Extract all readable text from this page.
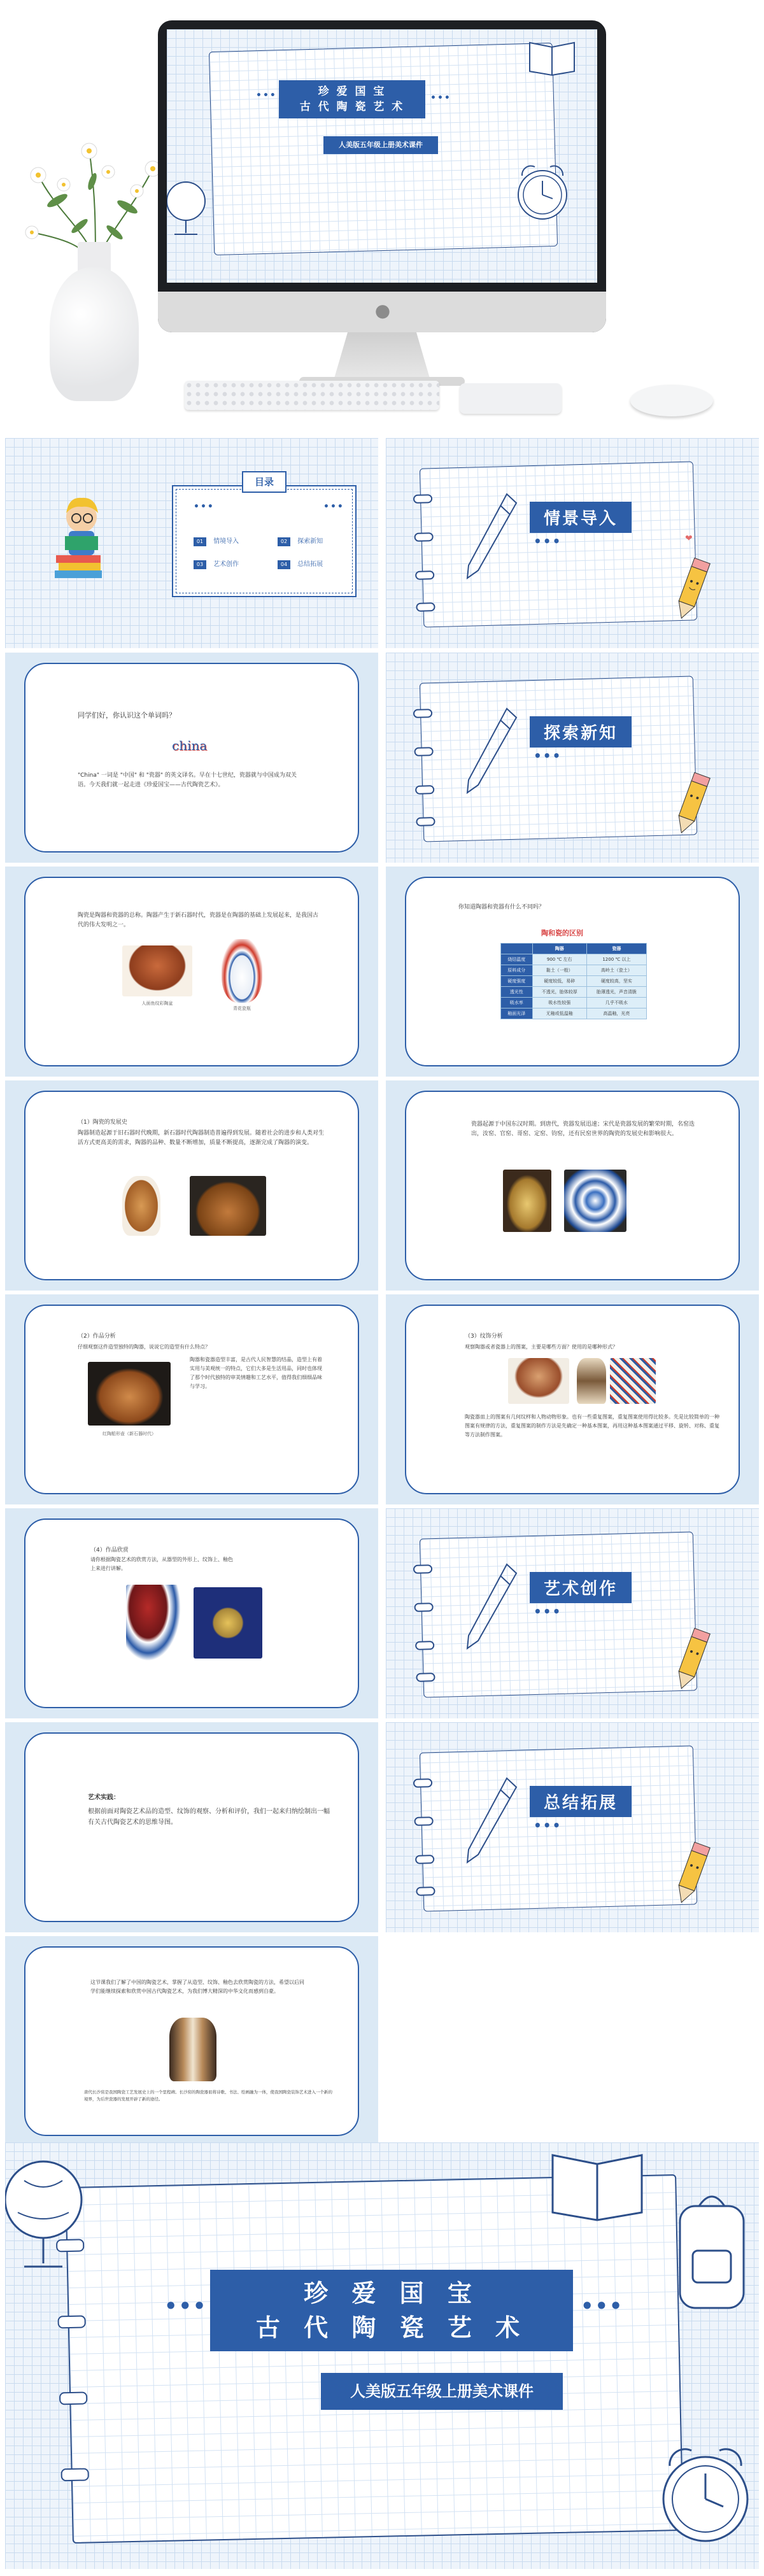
珍 爱 国 宝
古 代 陶 瓷 艺 术
人美版五年级上册美术课件
•••	•••
●
目录
•••	•••
01 情境导入	02 探索新知
03 艺术创作	04 总结拓展
情景导入
•••	❤
同学们好，你认识这个单词吗？
china
"China" 一词是 "中国" 和 "瓷器" 的英文译名。早在十七世纪，瓷器就与中国成为双关语。今天我们就一起走进《珍爱国宝——古代陶瓷艺术》。
探索新知
•••
陶瓷是陶器和瓷器的总称。陶器产生于新石器时代，瓷器是在陶器的基础上发展起来，是我国古代的伟大发明之一。
人面鱼纹彩陶盆
青花瓷瓶
你知道陶器和瓷器有什么不同吗？
陶和瓷的区别
	陶器	瓷器
烧结温度	900 ℃ 左右	1200 ℃ 以上
原料成分	黏土（一般）	高岭土（瓷土）
硬度强度	硬度较低，易碎	硬度较高，坚实
透光性	不透光，胎体较厚	胎薄透光，声音清脆
吸水率	吸水性较强	几乎不吸水
釉面光泽	无釉或低温釉	高温釉，光亮
（1）陶瓷的发展史
陶器制造起源于旧石器时代晚期，新石器时代陶器制造普遍得到发展。随着社会的进步和人类对生活方式更高美的需求，陶器的品种、数量不断增加，质量不断提高，逐渐完成了陶器的演变。
瓷器起源于中国东汉时期。到唐代，瓷器发展迅速；宋代是瓷器发展的繁荣时期，名窑迭出，汝窑、官窑、哥窑、定窑、钧窑，还有民窑世界的陶瓷的发展史和影响很大。
（2）作品分析
仔细观察这件造型独特的陶器，说说它的造型有什么特点？
红陶船形壶（新石器时代）
陶器和瓷器造型丰富，是古代人民智慧的结晶，造型上有着实用与美观统一的特点，它们大多是生活用品，同时也体现了那个时代独特的审美情趣和工艺水平，值得我们细细品味与学习。
（3）纹饰分析
观察陶器或者瓷器上的图案，主要是哪些方面？使用的是哪种形式？
陶瓷器皿上的图案有几何纹样和人物动物形象。也有一些重复图案，重复图案使用得比较多。先是比较简单的一种图案有规律的方法，重复图案的制作方法是先确定一种基本图案，再用这种基本图案通过平移、旋转、对称、重复等方法制作图案。
（4）作品欣赏
请你根据陶瓷艺术的欣赏方法，从器型的外形上、纹饰上、釉色上来进行讲解。
艺术创作
•••
艺术实践：
根据前面对陶瓷艺术品的造型、纹饰的观察、分析和评价，我们一起来归纳绘制出一幅有关古代陶瓷艺术的思维导图。
总结拓展
•••
这节课我们了解了中国的陶瓷艺术，掌握了从造型、纹饰、釉色去欣赏陶瓷的方法，希望以后同学们能继续探索和欣赏中国古代陶瓷艺术，为我们博大精深的中华文化而感到自豪。
唐代长沙窑是我国陶瓷工艺发展史上的一个里程碑。长沙窑的陶瓷器皿将诗歌、书法、绘画融为一体，使我国陶瓷装饰艺术进入一个新的境界，为后世瓷器的发展开辟了新的途径。
珍 爱 国 宝
古 代 陶 瓷 艺 术
人美版五年级上册美术课件
•••	•••
